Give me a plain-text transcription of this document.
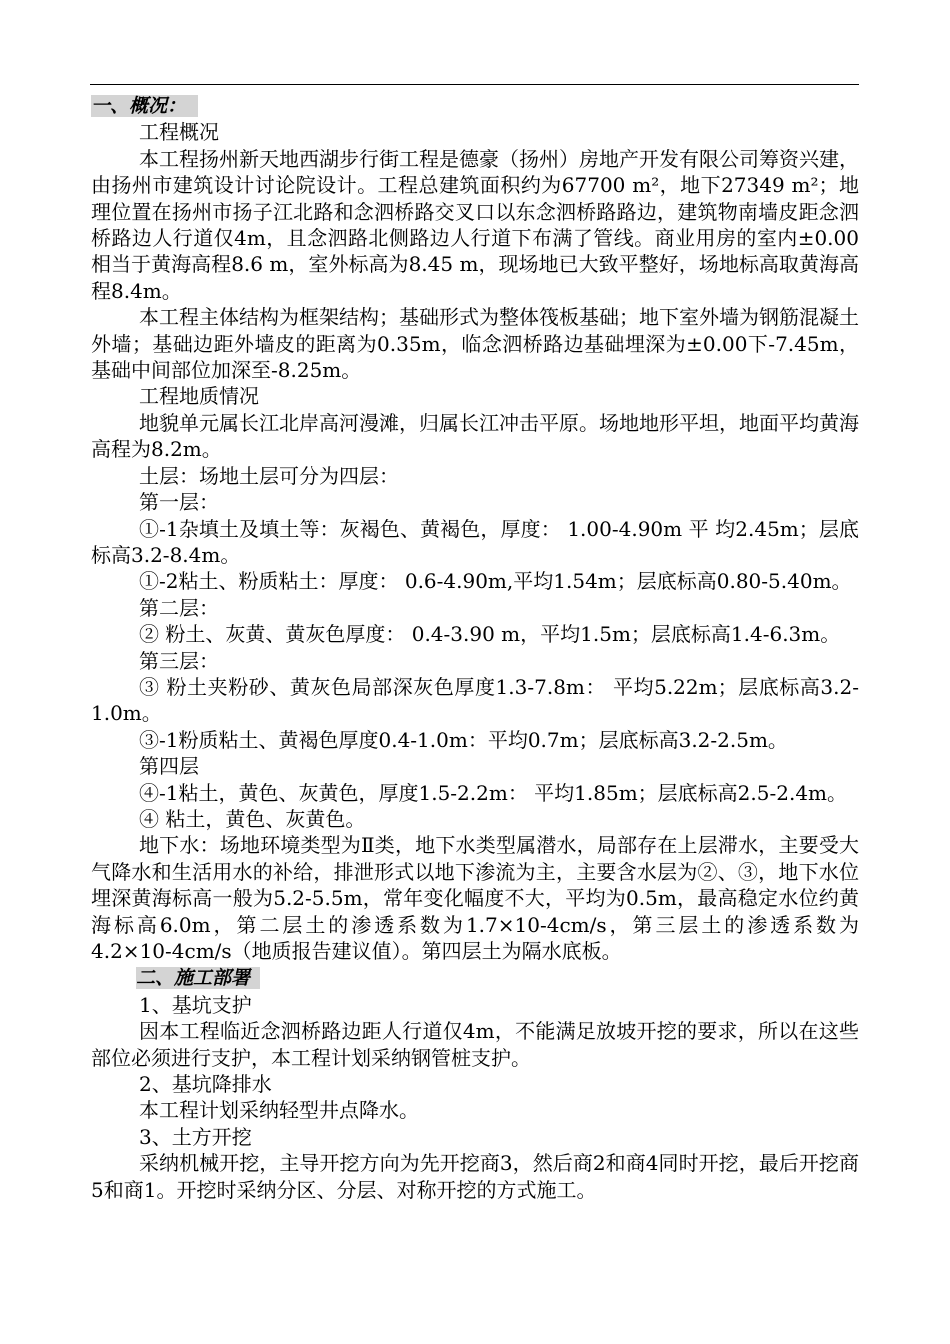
一、概况：

工程概况

本工程扬州新天地西湖步行街工程是德豪（扬州）房地产开发有限公司筹资兴建，由扬州市建筑设计讨论院设计。工程总建筑面积约为67700 m²，地下27349 m²；地理位置在扬州市扬子江北路和念泗桥路交叉口以东念泗桥路路边，建筑物南墙皮距念泗桥路边人行道仅4m，且念泗路北侧路边人行道下布满了管线。商业用房的室内±0.00相当于黄海高程8.6 m，室外标高为8.45 m，现场地已大致平整好，场地标高取黄海高程8.4m。

本工程主体结构为框架结构；基础形式为整体筏板基础；地下室外墙为钢筋混凝土外墙；基础边距外墙皮的距离为0.35m，临念泗桥路边基础埋深为±0.00下-7.45m，基础中间部位加深至-8.25m。

工程地质情况

地貌单元属长江北岸高河漫滩，归属长江冲击平原。场地地形平坦，地面平均黄海高程为8.2m。

土层：场地土层可分为四层：

第一层：

①-1杂填土及填土等：灰褐色、黄褐色，厚度： 1.00-4.90m 平 均2.45m；层底标高3.2-8.4m。

①-2粘土、粉质粘土：厚度： 0.6-4.90m,平均1.54m；层底标高0.80-5.40m。

第二层：

② 粉土、灰黄、黄灰色厚度： 0.4-3.90 m，平均1.5m；层底标高1.4-6.3m。

第三层：

③ 粉土夹粉砂、黄灰色局部深灰色厚度1.3-7.8m： 平均5.22m；层底标高3.2-1.0m。

③-1粉质粘土、黄褐色厚度0.4-1.0m：平均0.7m；层底标高3.2-2.5m。

第四层

④-1粘土，黄色、灰黄色，厚度1.5-2.2m： 平均1.85m；层底标高2.5-2.4m。

④ 粘土，黄色、灰黄色。

地下水：场地环境类型为Ⅱ类，地下水类型属潜水，局部存在上层滞水，主要受大气降水和生活用水的补给，排泄形式以地下渗流为主，主要含水层为②、③，地下水位埋深黄海标高一般为5.2-5.5m，常年变化幅度不大，平均为0.5m，最高稳定水位约黄海标高6.0m，第二层土的渗透系数为1.7×10-4cm/s，第三层土的渗透系数为4.2×10-4cm/s（地质报告建议值）。第四层土为隔水底板。

二、施工部署

1、基坑支护

因本工程临近念泗桥路边距人行道仅4m，不能满足放坡开挖的要求，所以在这些部位必须进行支护，本工程计划采纳钢管桩支护。

2、基坑降排水

本工程计划采纳轻型井点降水。

3、土方开挖

采纳机械开挖，主导开挖方向为先开挖商3，然后商2和商4同时开挖，最后开挖商5和商1。开挖时采纳分区、分层、对称开挖的方式施工。
